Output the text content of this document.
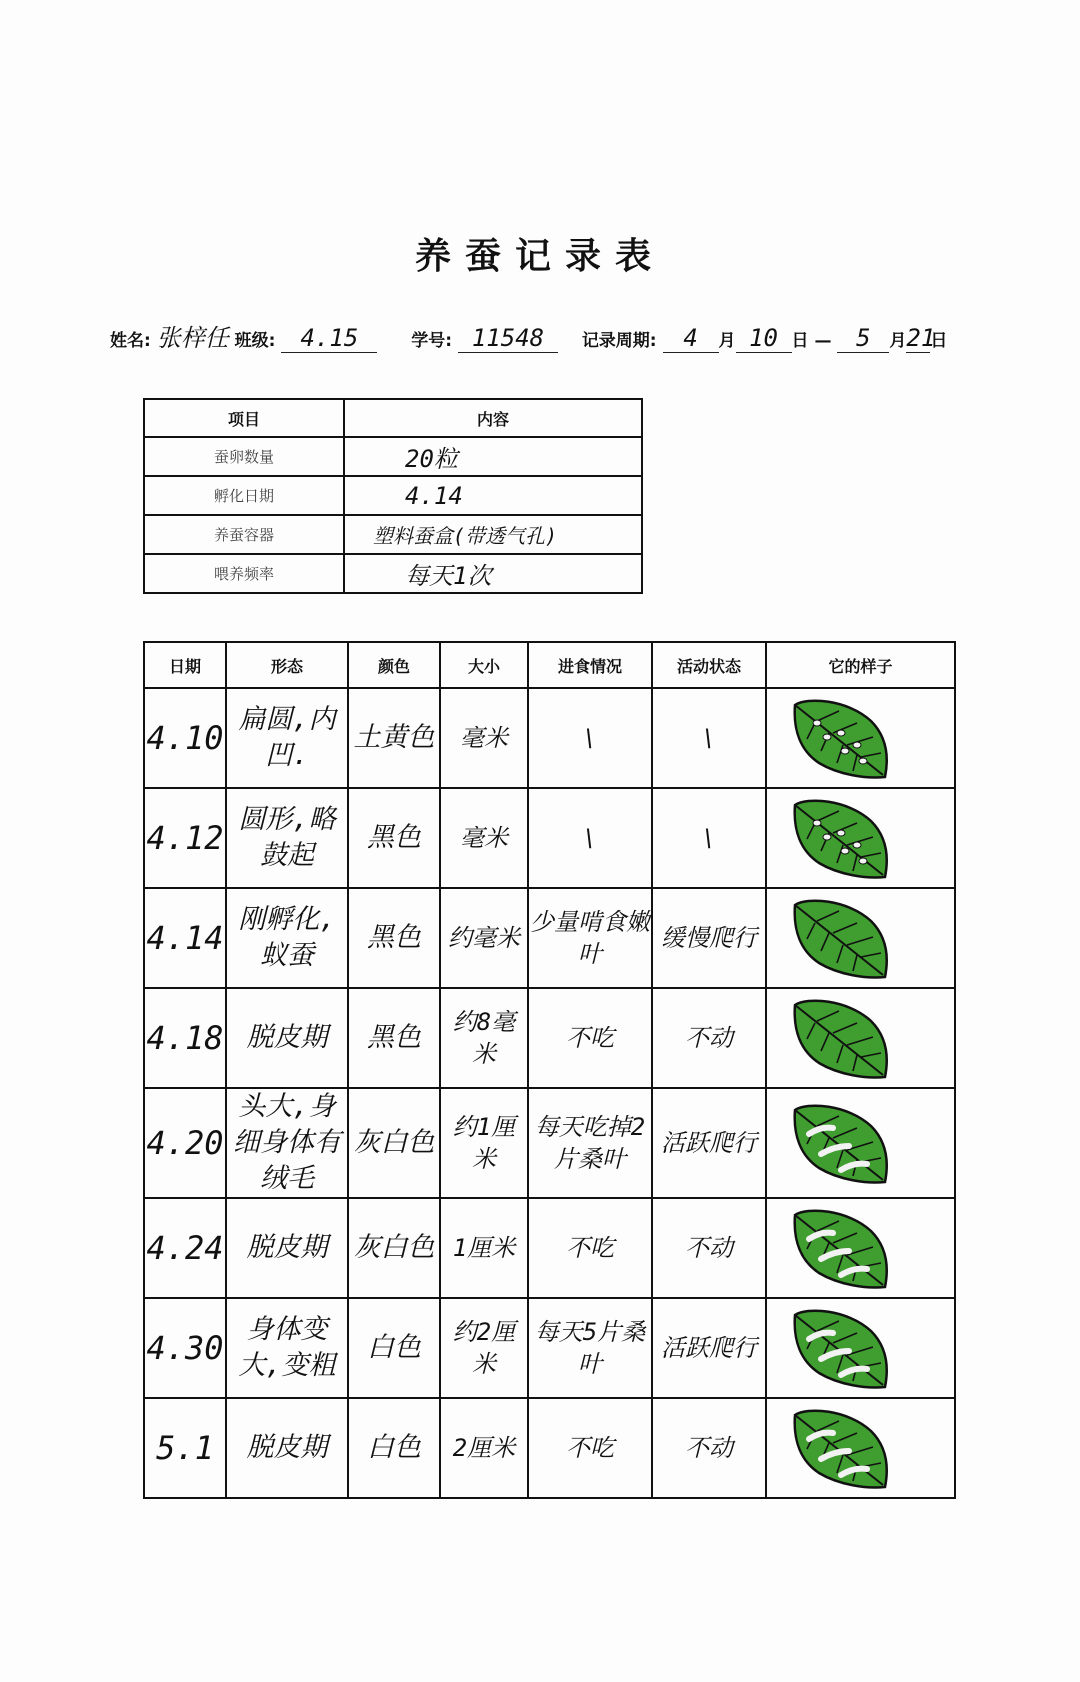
养蚕记录表
姓名: 张梓任 班级: 4.15	学号: 11548 记录周期: 4 月 10 日 — 5 月21日
项目	内容
蚕卵数量	20粒
孵化日期	4.14
养蚕容器	塑料蚕盒(带透气孔)
喂养频率	每天1次
日期	形态	颜色	大小	进食情况	活动状态	它的样子
4.10	扁圆,内凹.	土黄色	毫米	\	\	

4.12	圆形,略鼓起	黑色	毫米	\	\	

4.14	刚孵化,蚁蚕	黑色	约毫米	少量啃食嫩叶	缓慢爬行	

4.18	脱皮期	黑色	约8毫米	不吃	不动	

4.20	头大,身细身体有绒毛	灰白色	约1厘米	每天吃掉2片桑叶	活跃爬行	

4.24	脱皮期	灰白色	1厘米	不吃	不动	

4.30	身体变大,变粗	白色	约2厘米	每天5片桑叶	活跃爬行	

5.1	脱皮期	白色	2厘米	不吃	不动	
